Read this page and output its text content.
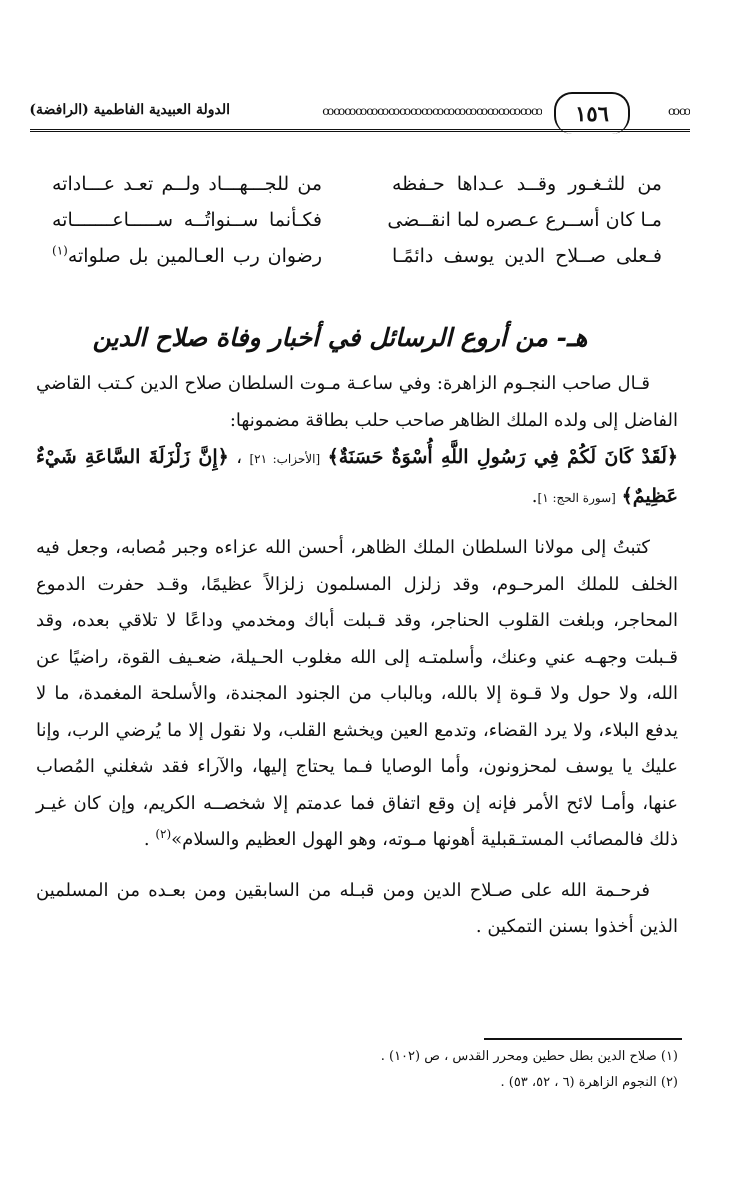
ꝏꝏ
١٥٦
ꝏꝏꝏꝏꝏꝏꝏꝏꝏꝏꝏꝏꝏꝏꝏꝏꝏꝏꝏꝏ
الدولة العبيدية الفاطمية (الرافضة)
من للثـغـور وقــد عـداها حـفظه
من للجـــهـــاد ولــم تعـد عـــاداته
مـا كان أســرع عـصره لما انقــضى
فكـأنما ســنواتُــه ســـــاعـــــــاته
فـعلى صــلاح الدين يوسف دائمًـا
رضوان رب العـالمين بل صلواته$^{(١)}$
هـ- من أروع الرسائل في أخبار وفاة صلاح الدين

قـال صاحب النجـوم الزاهرة: وفي ساعـة مـوت السلطان صلاح الدين كـتب القاضي الفاضل إلى ولده الملك الظاهر صاحب حلب بطاقة مضمونها:

﴿لَقَدْ كَانَ لَكُمْ فِي رَسُولِ اللَّهِ أُسْوَةٌ حَسَنَةٌ﴾ [الأحزاب: ٢١] ، ﴿إِنَّ زَلْزَلَةَ السَّاعَةِ شَيْءٌ عَظِيمٌ﴾ [سورة الحج: ١].

كتبتُ إلى مولانا السلطان الملك الظاهر، أحسن الله عزاءه وجبر مُصابه، وجعل فيه الخلف للملك المرحـوم، وقد زلزل المسلمون زلزالاً عظيمًا، وقـد حفرت الدموع المحاجر، وبلغت القلوب الحناجر، وقد قـبلت أباك ومخدمي وداعًا لا تلاقي بعده، وقد قـبلت وجهـه عني وعنك، وأسلمتـه إلى الله مغلوب الحـيلة، ضعـيف القوة، راضيًا عن الله، ولا حول ولا قـوة إلا بالله، وبالباب من الجنود المجندة، والأسلحة المغمدة، ما لا يدفع البلاء، ولا يرد القضاء، وتدمع العين ويخشع القلب، ولا نقول إلا ما يُرضي الرب، وإنا عليك يا يوسف لمحزونون، وأما الوصايا فـما يحتاج إليها، والآراء فقد شغلني المُصاب عنها، وأمـا لائح الأمر فإنه إن وقع اتفاق فما عدمتم إلا شخصــه الكريم، وإن كان غيـر ذلك فالمصائب المستـقبلية أهونها مـوته، وهو الهول العظيم والسلام»$^{(٢)}$ .

فرحـمة الله على صـلاح الدين ومن قبـله من السابقين ومن بعـده من المسلمين الذين أخذوا بسنن التمكين .

(١) صلاح الدين بطل حطين ومحرر القدس ، ص (١٠٢) .

(٢) النجوم الزاهرة (٦ ، ٥٢، ٥٣) .
